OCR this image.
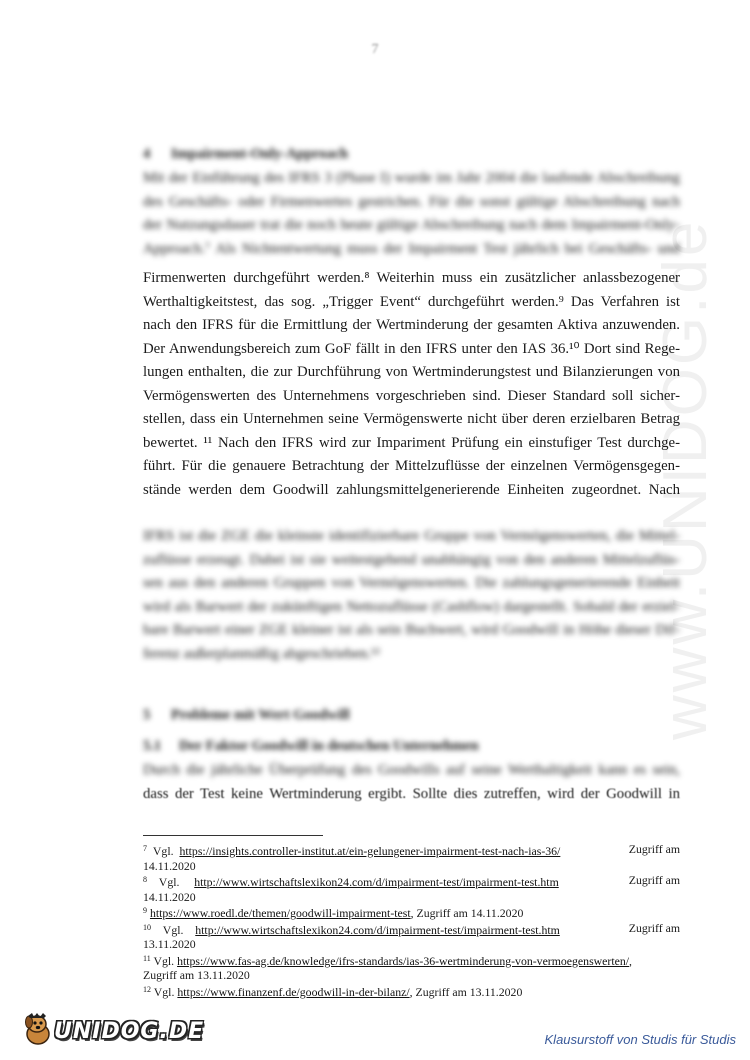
7
www.UNIDOG.de
4 Impairment-Only-Approach
Mit der Einführung des IFRS 3 (Phase I) wurde im Jahr 2004 die laufende Abschreibung
des Geschäfts- oder Firmenwertes gestrichen. Für die sonst gültige Abschreibung nach
der Nutzungsdauer trat die noch heute gültige Abschreibung nach dem Impairment-Only-
Approach.⁷ Als Nichtentwertung muss der Impairment Test jährlich bei Geschäfts- und
Firmenwerten durchgeführt werden.⁸ Weiterhin muss ein zusätzlicher anlassbezogener
Werthaltigkeitstest, das sog. „Trigger Event“ durchgeführt werden.⁹ Das Verfahren ist
nach den IFRS für die Ermittlung der Wertminderung der gesamten Aktiva anzuwenden.
Der Anwendungsbereich zum GoF fällt in den IFRS unter den IAS 36.¹⁰ Dort sind Rege-
lungen enthalten, die zur Durchführung von Wertminderungstest und Bilanzierungen von
Vermögenswerten des Unternehmens vorgeschrieben sind. Dieser Standard soll sicher-
stellen, dass ein Unternehmen seine Vermögenswerte nicht über deren erzielbaren Betrag
bewertet. ¹¹ Nach den IFRS wird zur Impariment Prüfung ein einstufiger Test durchge-
führt. Für die genauere Betrachtung der Mittelzuflüsse der einzelnen Vermögensgegen-
stände werden dem Goodwill zahlungsmittelgenerierende Einheiten zugeordnet. Nach
IFRS ist die ZGE die kleinste identifizierbare Gruppe von Vermögenswerten, die Mittel-
zuflüsse erzeugt. Dabei ist sie weitestgehend unabhängig von den anderen Mittelzuflüs-
sen aus den anderen Gruppen von Vermögenswerten. Die zahlungsgenerierende Einheit
wird als Barwert der zukünftigen Nettozuflüsse (Cashflow) dargestellt. Sobald der erziel-
bare Barwert einer ZGE kleiner ist als sein Buchwert, wird Goodwill in Höhe dieser Dif-
ferenz außerplanmäßig abgeschrieben.¹²
5 Probleme mit Wert Goodwill
5.1 Der Faktor Goodwill in deutschen Unternehmen
Durch die jährliche Überprüfung des Goodwills auf seine Werthaltigkeit kann es sein,
dass der Test keine Wertminderung ergibt. Sollte dies zutreffen, wird der Goodwill in
$^7$ Vgl. https://insights.controller-institut.at/ein-gelungener-impairment-test-nach-ias-36/	Zugriff am
14.11.2020
$^8$ Vgl. http://www.wirtschaftslexikon24.com/d/impairment-test/impairment-test.htm	Zugriff am
14.11.2020
$^9$ https://www.roedl.de/themen/goodwill-impairment-test, Zugriff am 14.11.2020
$^{10}$ Vgl. http://www.wirtschaftslexikon24.com/d/impairment-test/impairment-test.htm	Zugriff am
13.11.2020
$^{11}$ Vgl. https://www.fas-ag.de/knowledge/ifrs-standards/ias-36-wertminderung-von-vermoegenswerten/,
Zugriff am 13.11.2020
$^{12}$ Vgl. https://www.finanzenf.de/goodwill-in-der-bilanz/, Zugriff am 13.11.2020
UNIDOG.DE	Klausurstoff von Studis für Studis
